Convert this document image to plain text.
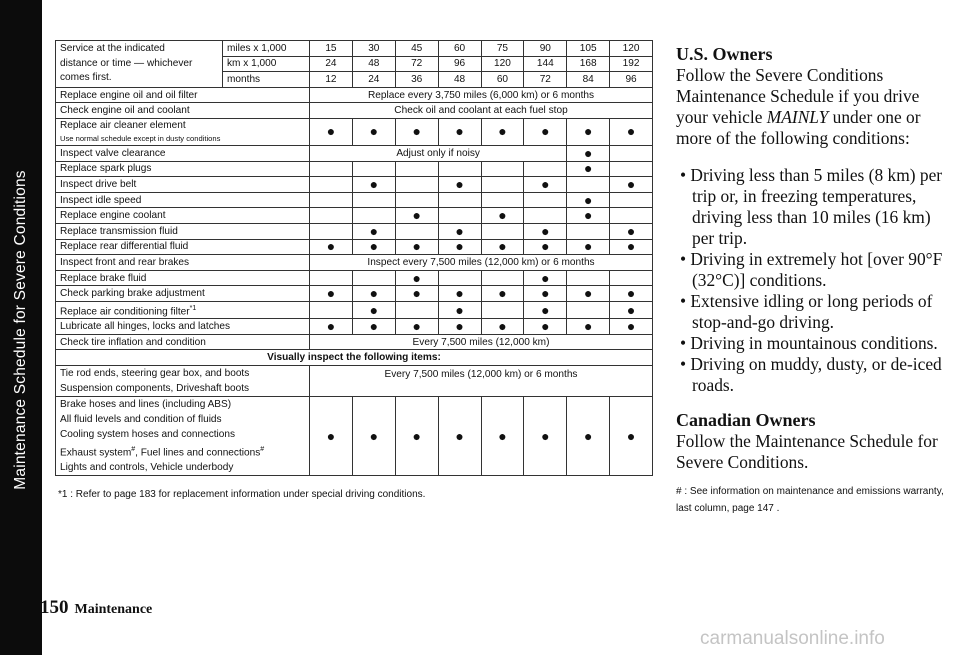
Maintenance Schedule for Severe Conditions
Service at the indicated
distance or time — whichever
comes first.	miles x 1,000	15	30	45	60	75	90	105	120
	km x 1,000	24	48	72	96	120	144	168	192
	months	12	24	36	48	60	72	84	96
Replace engine oil and oil filter		Replace every 3,750 miles (6,000 km) or 6 months							
Check engine oil and coolant		Check oil and coolant at each fuel stop							
Replace air cleaner element
Use normal schedule except in dusty conditions		●	●	●	●	●	●	●	●
Inspect valve clearance		Adjust only if noisy						●	
Replace spark plugs								●	
Inspect drive belt			●		●		●		●
Inspect idle speed								●	
Replace engine coolant				●		●		●	
Replace transmission fluid			●		●		●		●
Replace rear differential fluid		●	●	●	●	●	●	●	●
Inspect front and rear brakes		Inspect every 7,500 miles (12,000 km) or 6 months							
Replace brake fluid				●			●		
Check parking brake adjustment		●	●	●	●	●	●	●	●
Replace air conditioning filter$^{*1}$			●		●		●		●
Lubricate all hinges, locks and latches		●	●	●	●	●	●	●	●
Check tire inflation and condition		Every 7,500 miles (12,000 km)							
Visually inspect the following items:									

Tie rod ends, steering gear box, and boots
Suspension components, Driveshaft boots		Every 7,500 miles (12,000 km) or 6 months							

Brake hoses and lines (including ABS)
All fluid levels and condition of fluids
Cooling system hoses and connections
Exhaust system#, Fuel lines and connections#
Lights and controls, Vehicle underbody		●	●	●	●	●	●	●	●
*1 : Refer to page 183 for replacement information under special driving conditions.
150 Maintenance
U.S. Owners

Follow the Severe Conditions Maintenance Schedule if you drive your vehicle MAINLY under one or more of the following conditions:

• Driving less than 5 miles (8 km) per trip or, in freezing temperatures, driving less than 10 miles (16 km) per trip.
• Driving in extremely hot [over 90°F (32°C)] conditions.
• Extensive idling or long periods of stop-and-go driving.
• Driving in mountainous conditions.
• Driving on muddy, dusty, or de-iced roads.
Canadian Owners

Follow the Maintenance Schedule for Severe Conditions.

# : See information on maintenance and emissions warranty, last column, page 147 .

carmanualsonline.info
